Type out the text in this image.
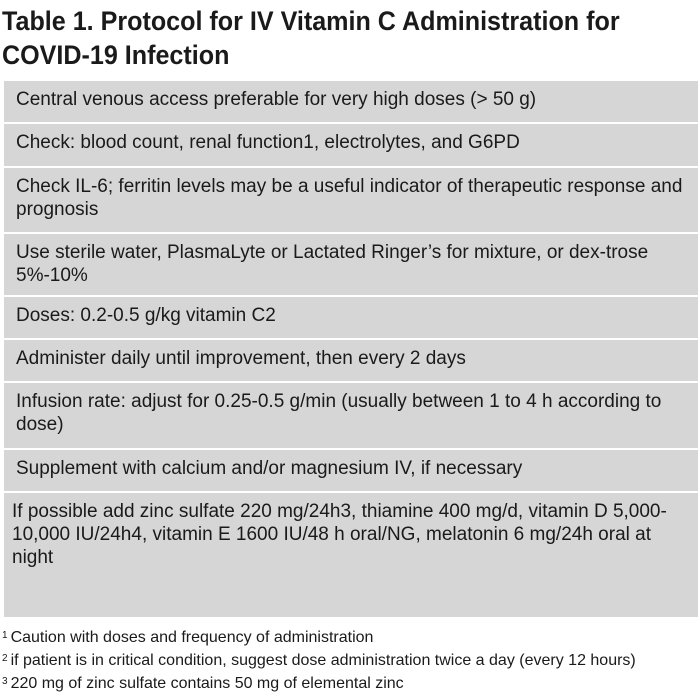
Table 1. Protocol for IV Vitamin C Administration for
COVID-19 Infection
Central venous access preferable for very high doses (> 50 g)
Check: blood count, renal function1, electrolytes, and G6PD
Check IL-6; ferritin levels may be a useful indicator of therapeutic response and prognosis
Use sterile water, PlasmaLyte or Lactated Ringer’s for mixture, or dex-trose 5%-10%
Doses: 0.2-0.5 g/kg vitamin C2
Administer daily until improvement, then every 2 days
Infusion rate: adjust for 0.25-0.5 g/min (usually between 1 to 4 h according to dose)
Supplement with calcium and/or magnesium IV, if necessary
If possible add zinc sulfate 220 mg/24h3, thiamine 400 mg/d, vitamin D 5,000-10,000 IU/24h4, vitamin E 1600 IU/48 h oral/NG, melatonin 6 mg/24h oral at night
$^1$ Caution with doses and frequency of administration
$^2$ if patient is in critical condition, suggest dose administration twice a day (every 12 hours)
$^3$ 220 mg of zinc sulfate contains 50 mg of elemental zinc
